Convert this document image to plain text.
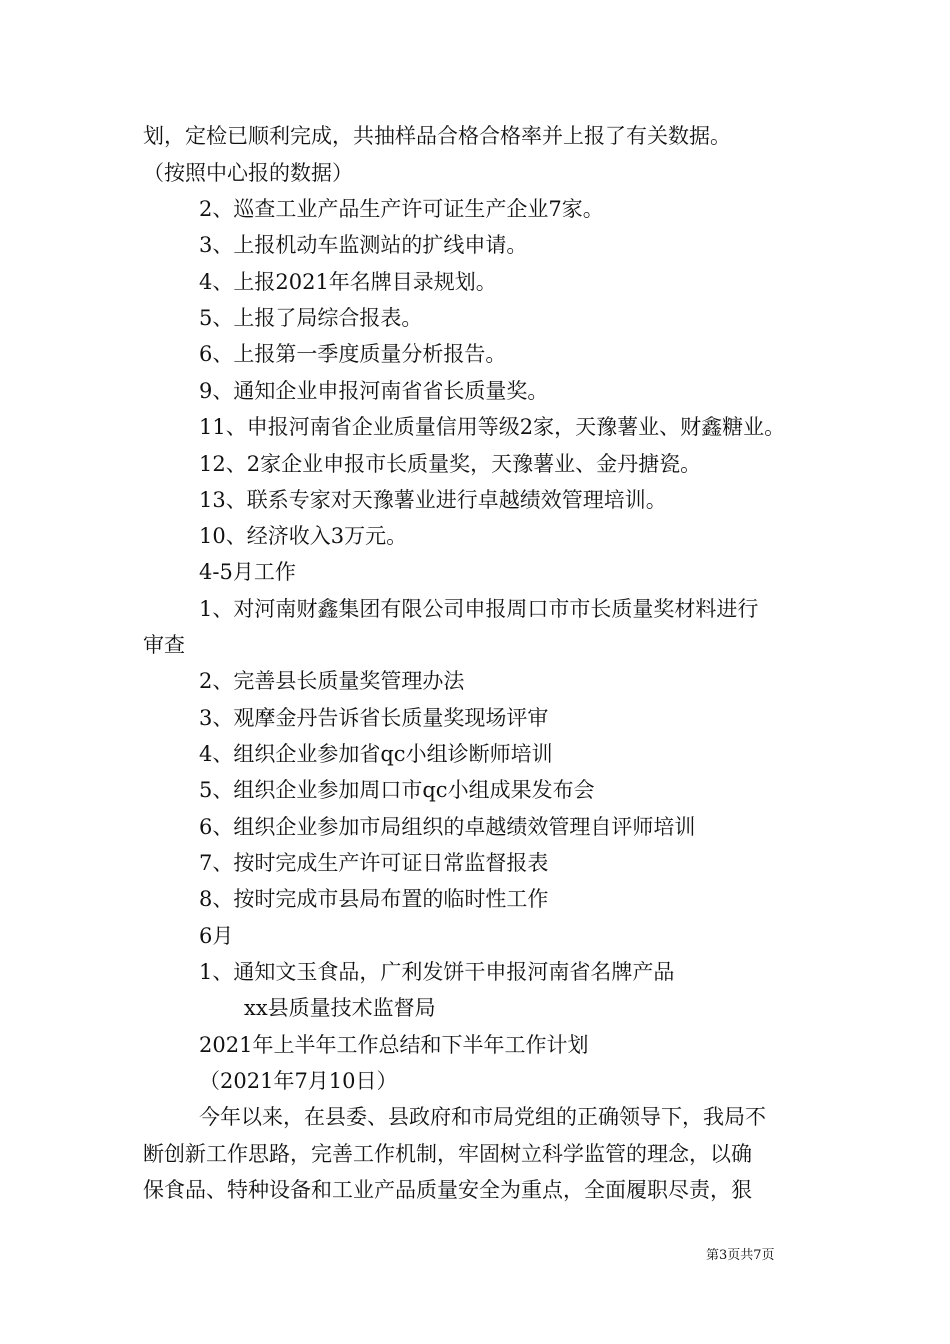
划，定检已顺利完成，共抽样品合格合格率并上报了有关数据。
（按照中心报的数据）
2、巡查工业产品生产许可证生产企业7家。
3、上报机动车监测站的扩线申请。
4、上报2021年名牌目录规划。
5、上报了局综合报表。
6、上报第一季度质量分析报告。
9、通知企业申报河南省省长质量奖。
11、申报河南省企业质量信用等级2家，天豫薯业、财鑫糖业。
12、2家企业申报市长质量奖，天豫薯业、金丹搪瓷。
13、联系专家对天豫薯业进行卓越绩效管理培训。
10、经济收入3万元。
4-5月工作
1、对河南财鑫集团有限公司申报周口市市长质量奖材料进行
审查
2、完善县长质量奖管理办法
3、观摩金丹告诉省长质量奖现场评审
4、组织企业参加省qc小组诊断师培训
5、组织企业参加周口市qc小组成果发布会
6、组织企业参加市局组织的卓越绩效管理自评师培训
7、按时完成生产许可证日常监督报表
8、按时完成市县局布置的临时性工作
6月
1、通知文玉食品，广利发饼干申报河南省名牌产品
xx县质量技术监督局
2021年上半年工作总结和下半年工作计划
（2021年7月10日）
今年以来，在县委、县政府和市局党组的正确领导下，我局不
断创新工作思路，完善工作机制，牢固树立科学监管的理念，以确
保食品、特种设备和工业产品质量安全为重点，全面履职尽责，狠
第3页共7页
